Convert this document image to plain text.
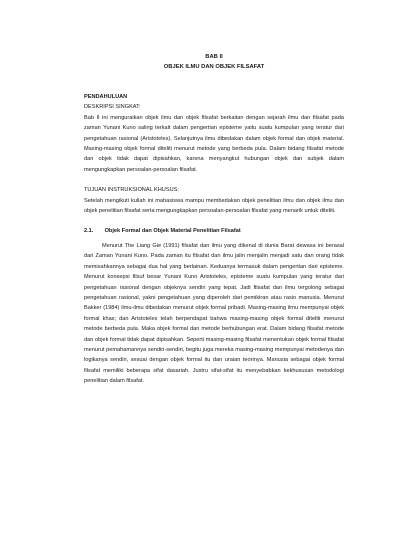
BAB II
OBJEK ILMU DAN OBJEK FILSAFAT
PENDAHULUAN
DESKRIPSI SINGKAT:

Bab II ini menguraikan objek ilmu dan objek filsafat berkaitan dengan sejarah ilmu dan filsafat pada zaman Yunani Kuno saling terkait dalam pengertian episteme yaitu suatu kumpulan yang teratur dari pengetahuan rasional (Aristoteles). Selanjutnya ilmu dibedakan dalam objek formal dan objek material. Masing-masing objek formal diteliti menurut metode yang berbeda pula. Dalam bidang filsafat metode dan objek tidak dapat dipisahkan, karena menyangkut hubungan objek dan subjek dalam mengungkapkan persoalan-persoalan filsafat.

TUJUAN INSTRUKSIONAL KHUSUS:

Setelah mengikuti kuliah ini mahasiswa mampu membedakan objek penelitian ilmu dan objek ilmu dan objek penelitian filsafat serta mengungkapkan persoalan-persoalan filsafat yang menarik untuk diteliti.

2.1. Objek Formal dan Objek Material Penelitian Filsafat

Menurut The Liang Gie (1991) filsafat dan ilmu yang dikenal di dunia Barat dewasa ini berasal dari Zaman Yunani Kuno. Pada zaman itu filsafat dan ilmu jalin menjalin menjadi satu dan orang tidak memisahkannya sebagai dua hal yang berlainan. Keduanya termasuk dalam pengertian dari episteme. Menurut konsepsi filsuf besar Yunani Kuno Aristoteles, episteme suatu kumpulan yang teratur dari pengetahuan rasional dengan objeknya sendiri yang tepat. Jadi filsafat dan ilmu tergolong sebagai pengetahuan rasional, yakni pengetahuan yang diperoleh dari pemikiran atau rasio manusia. Menurut Bakker (1984) ilmu-ilmu dibedakan menurut objek formal pribadi. Masing-masing ilmu mempunyai objek formal khas; dan Aristoteles telah berpendapat bahwa masing-masing objek formal diteliti menurut metode berbeda pula. Maka objek formal dan metode berhubungan erat. Dalam bidang filsafat metode dan objek formal tidak dapat dipisahkan. Seperti masing-masing filsafat menentukan objek formal filsafat menurut pemahamannya sendiri-sendiri, begitu juga mereka masing-masing mempunyai metodenya dan logikanya sendiri, sesuai dengan objek formal itu dan uraian teorinya. Manusia sebagai objek formal filsafat memiliki beberapa sifat dasariah. Justru sifat-sifat itu menyebabkan kekhususan metodologi penelitian dalam filsafat.
